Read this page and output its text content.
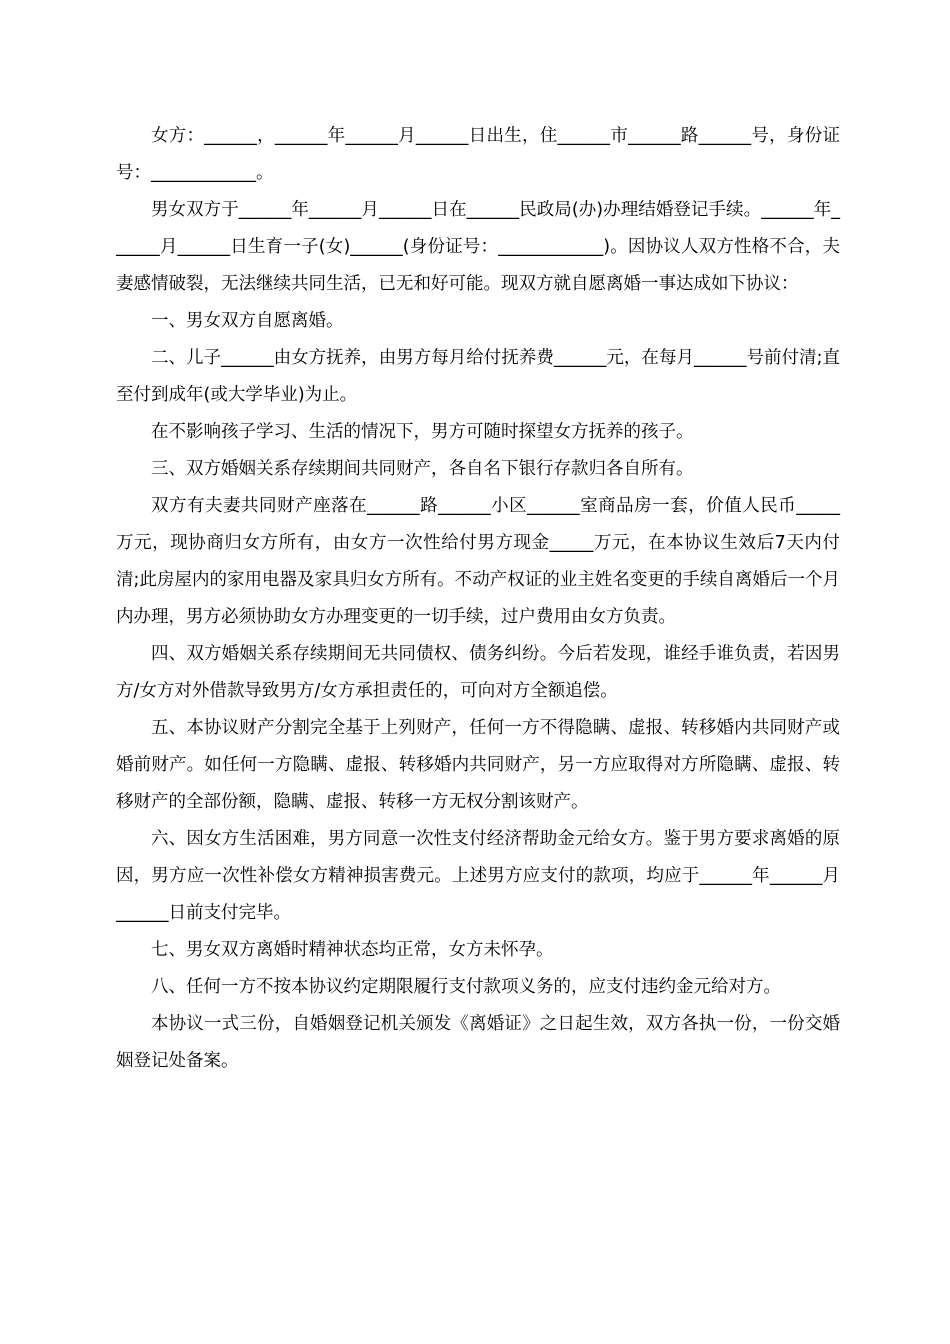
女方：______，______年______月______日出生，住______市______路______号，身份证号：____________。

男女双方于______年______月______日在______民政局(办)办理结婚登记手续。______年______月______日生育一子(女)______(身份证号：____________)。因协议人双方性格不合，夫妻感情破裂，无法继续共同生活，已无和好可能。现双方就自愿离婚一事达成如下协议：

一、男女双方自愿离婚。

二、儿子______由女方抚养，由男方每月给付抚养费______元，在每月______号前付清;直至付到成年(或大学毕业)为止。

在不影响孩子学习、生活的情况下，男方可随时探望女方抚养的孩子。

三、双方婚姻关系存续期间共同财产，各自名下银行存款归各自所有。

双方有夫妻共同财产座落在______路______小区______室商品房一套，价值人民币_____万元，现协商归女方所有，由女方一次性给付男方现金_____万元，在本协议生效后7天内付清;此房屋内的家用电器及家具归女方所有。不动产权证的业主姓名变更的手续自离婚后一个月内办理，男方必须协助女方办理变更的一切手续，过户费用由女方负责。

四、双方婚姻关系存续期间无共同债权、债务纠纷。今后若发现，谁经手谁负责，若因男方/女方对外借款导致男方/女方承担责任的，可向对方全额追偿。

五、本协议财产分割完全基于上列财产，任何一方不得隐瞒、虚报、转移婚内共同财产或婚前财产。如任何一方隐瞒、虚报、转移婚内共同财产，另一方应取得对方所隐瞒、虚报、转移财产的全部份额，隐瞒、虚报、转移一方无权分割该财产。

六、因女方生活困难，男方同意一次性支付经济帮助金元给女方。鉴于男方要求离婚的原因，男方应一次性补偿女方精神损害费元。上述男方应支付的款项，均应于______年______月______日前支付完毕。

七、男女双方离婚时精神状态均正常，女方未怀孕。

八、任何一方不按本协议约定期限履行支付款项义务的，应支付违约金元给对方。

本协议一式三份，自婚姻登记机关颁发《离婚证》之日起生效，双方各执一份，一份交婚姻登记处备案。
